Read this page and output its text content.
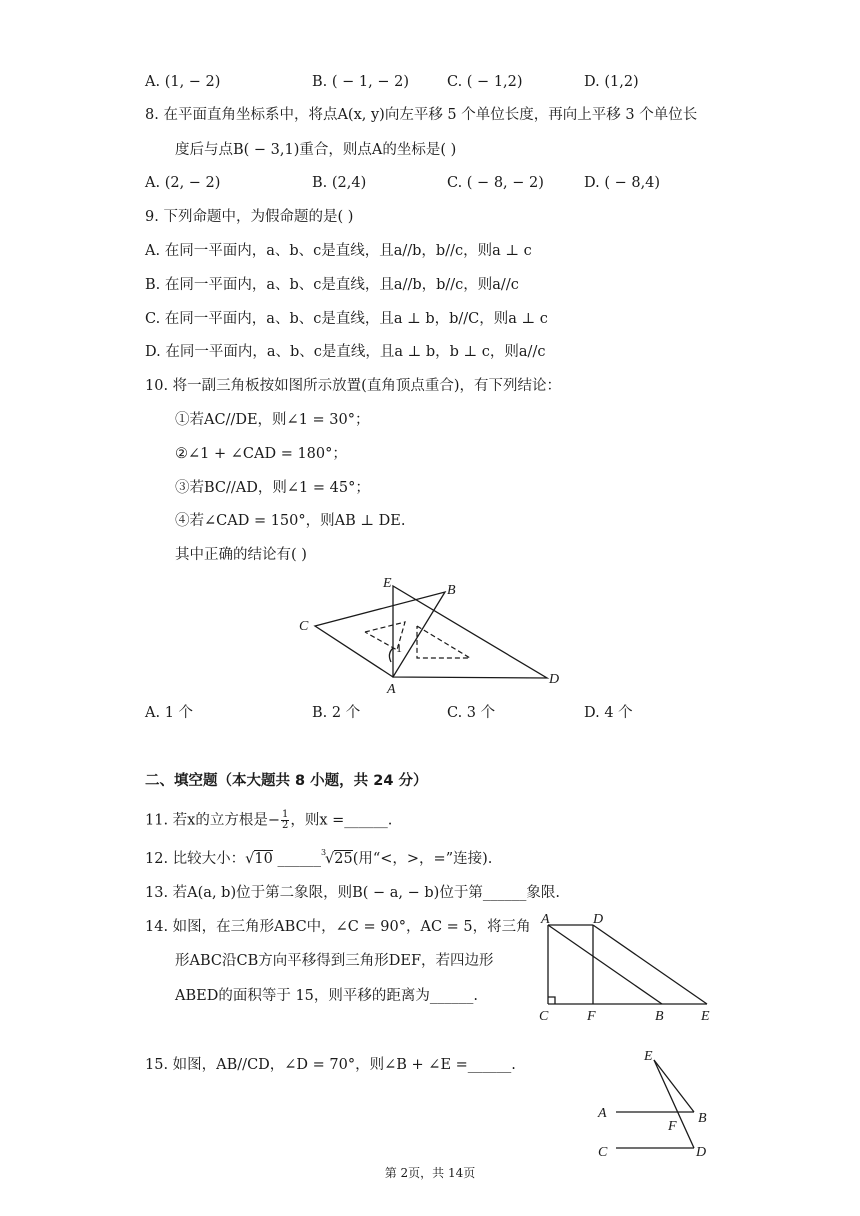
A. (1, − 2)	B. ( − 1, − 2)	C. ( − 1,2)	D. (1,2)
8. 在平面直角坐标系中，将点A(x, y)向左平移 5 个单位长度，再向上平移 3 个单位长
度后与点B( − 3,1)重合，则点A的坐标是( )
A. (2, − 2)	B. (2,4)	C. ( − 8, − 2)	D. ( − 8,4)
9. 下列命题中，为假命题的是( )
A. 在同一平面内，a、b、c是直线，且a//b，b//c，则a ⊥ c
B. 在同一平面内，a、b、c是直线，且a//b，b//c，则a//c
C. 在同一平面内，a、b、c是直线，且a ⊥ b，b//C，则a ⊥ c
D. 在同一平面内，a、b、c是直线，且a ⊥ b，b ⊥ c，则a//c
10. 将一副三角板按如图所示放置(直角顶点重合)，有下列结论：
①若AC//DE，则∠1 = 30°；
②∠1 + ∠CAD = 180°；
③若BC//AD，则∠1 = 45°；
④若∠CAD = 150°，则AB ⊥ DE.
其中正确的结论有( )
E	B
C
A
D
1
A. 1 个	B. 2 个	C. 3 个	D. 4 个
二、填空题（本大题共 8 小题，共 24 分）
11. 若x的立方根是− $\frac{1}{2}$ ，则x =______.
12. 比较大小：√10 ______ 3
√25(用“<，>，=”连接).
13. 若A(a, b)位于第二象限，则B( − a, − b)位于第______象限.
14. 如图，在三角形ABC中，∠C = 90°，AC = 5，将三角
形ABC沿CB方向平移得到三角形DEF，若四边形
ABED的面积等于 15，则平移的距离为______.
A	D
C	F	B	E
15. 如图，AB//CD，∠D = 70°，则∠B + ∠E =______.
E
A	B
F
C	D
第 2页，共 14页
